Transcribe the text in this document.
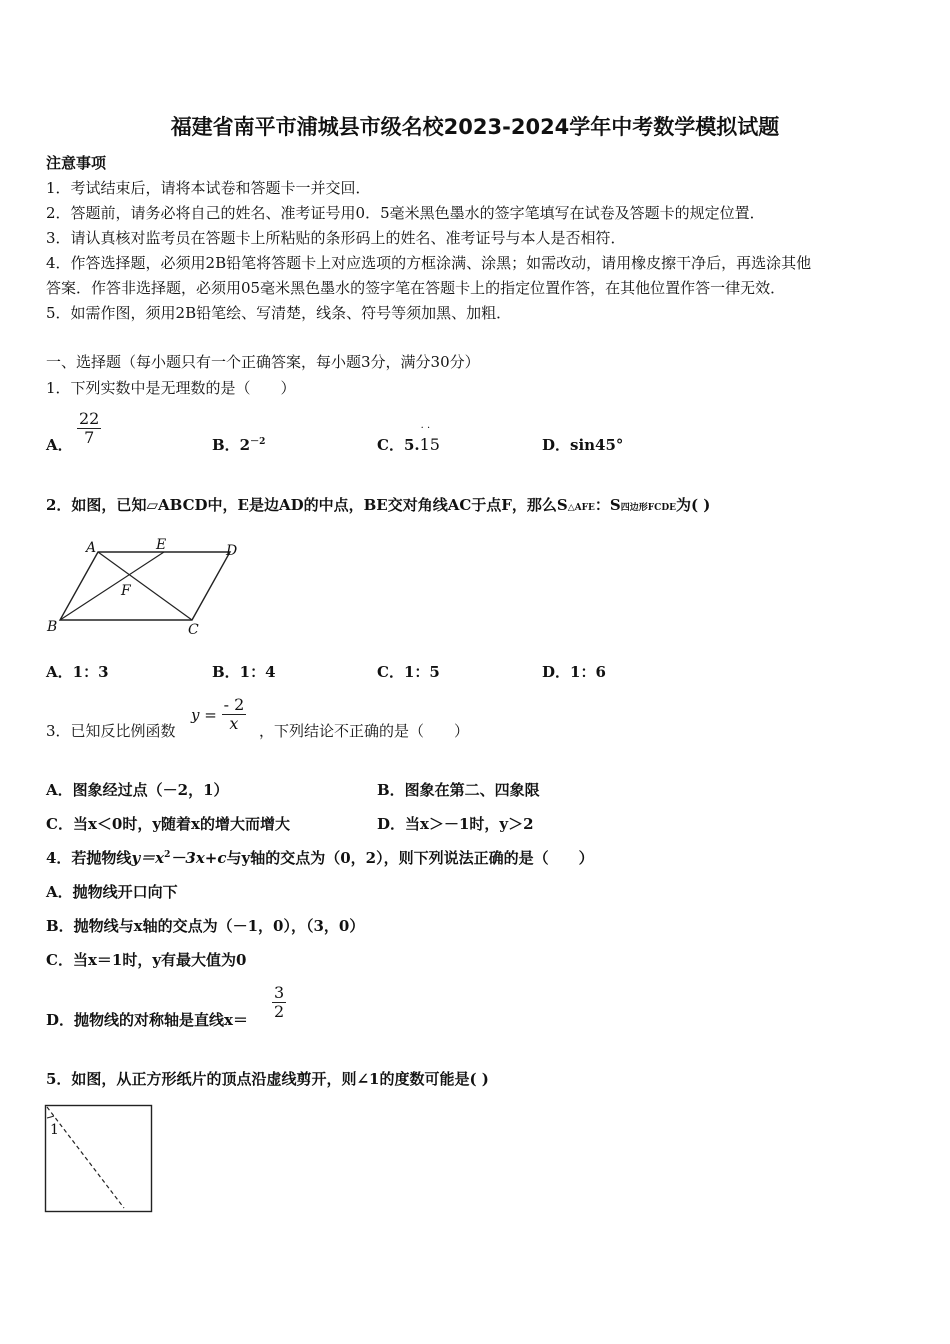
福建省南平市浦城县市级名校2023-2024学年中考数学模拟试题
注意事项
1．考试结束后，请将本试卷和答题卡一并交回．
2．答题前，请务必将自己的姓名、准考证号用0．5毫米黑色墨水的签字笔填写在试卷及答题卡的规定位置．
3．请认真核对监考员在答题卡上所粘贴的条形码上的姓名、准考证号与本人是否相符．
4．作答选择题，必须用2B铅笔将答题卡上对应选项的方框涂满、涂黑；如需改动，请用橡皮擦干净后，再选涂其他
答案．作答非选择题，必须用05毫米黑色墨水的签字笔在答题卡上的指定位置作答，在其他位置作答一律无效．
5．如需作图，须用2B铅笔绘、写清楚，线条、符号等须加黑、加粗．
一、选择题（每小题只有一个正确答案，每小题3分，满分30分）
1．下列实数中是无理数的是（　　）
A． $\frac{22}{7}$	B．$2^{-2}$	C．5.
· ·
15	D．sin45°
2．如图，已知▱ABCD中，E是边AD的中点，BE交对角线AC于点F，那么S△AFE：S四边形FCDE为( )
A	E	D
F
B	C
A．1：3	B．1：4	C．1：5	D．1：6
3．已知反比例函数
$y = \frac{- 2}{x}$ ，下列结论不正确的是（　　）
A．图象经过点（－2，1）	B．图象在第二、四象限
C．当x＜0时，y随着x的增大而增大	D．当x＞－1时，y＞2
4．若抛物线$y=x^2-3x+c$与y轴的交点为（0，2），则下列说法正确的是（　　）
A．抛物线开口向下
B．抛物线与x轴的交点为（－1，0），（3，0）
C．当x＝1时，y有最大值为0
D．抛物线的对称轴是直线$x= \frac{3}{2}$
5．如图，从正方形纸片的顶点沿虚线剪开，则∠1的度数可能是( )
1
